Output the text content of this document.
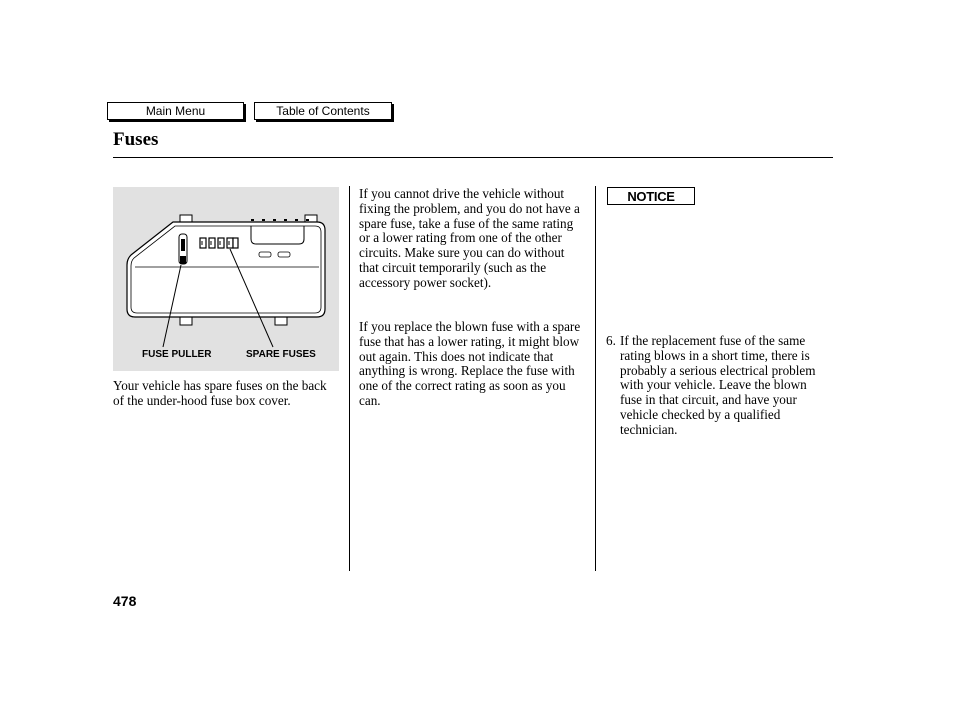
Main Menu	Table of Contents
Fuses
FUSE PULLER	SPARE FUSES

Your vehicle has spare fuses on the back of the under-hood fuse box cover.

If you cannot drive the vehicle without fixing the problem, and you do not have a spare fuse, take a fuse of the same rating or a lower rating from one of the other circuits. Make sure you can do without that circuit temporarily (such as the accessory power socket).

If you replace the blown fuse with a spare fuse that has a lower rating, it might blow out again. This does not indicate that anything is wrong. Replace the fuse with one of the correct rating as soon as you can.

NOTICE
6. If the replacement fuse of the same rating blows in a short time, there is probably a serious electrical problem with your vehicle. Leave the blown fuse in that circuit, and have your vehicle checked by a qualified technician.

478
